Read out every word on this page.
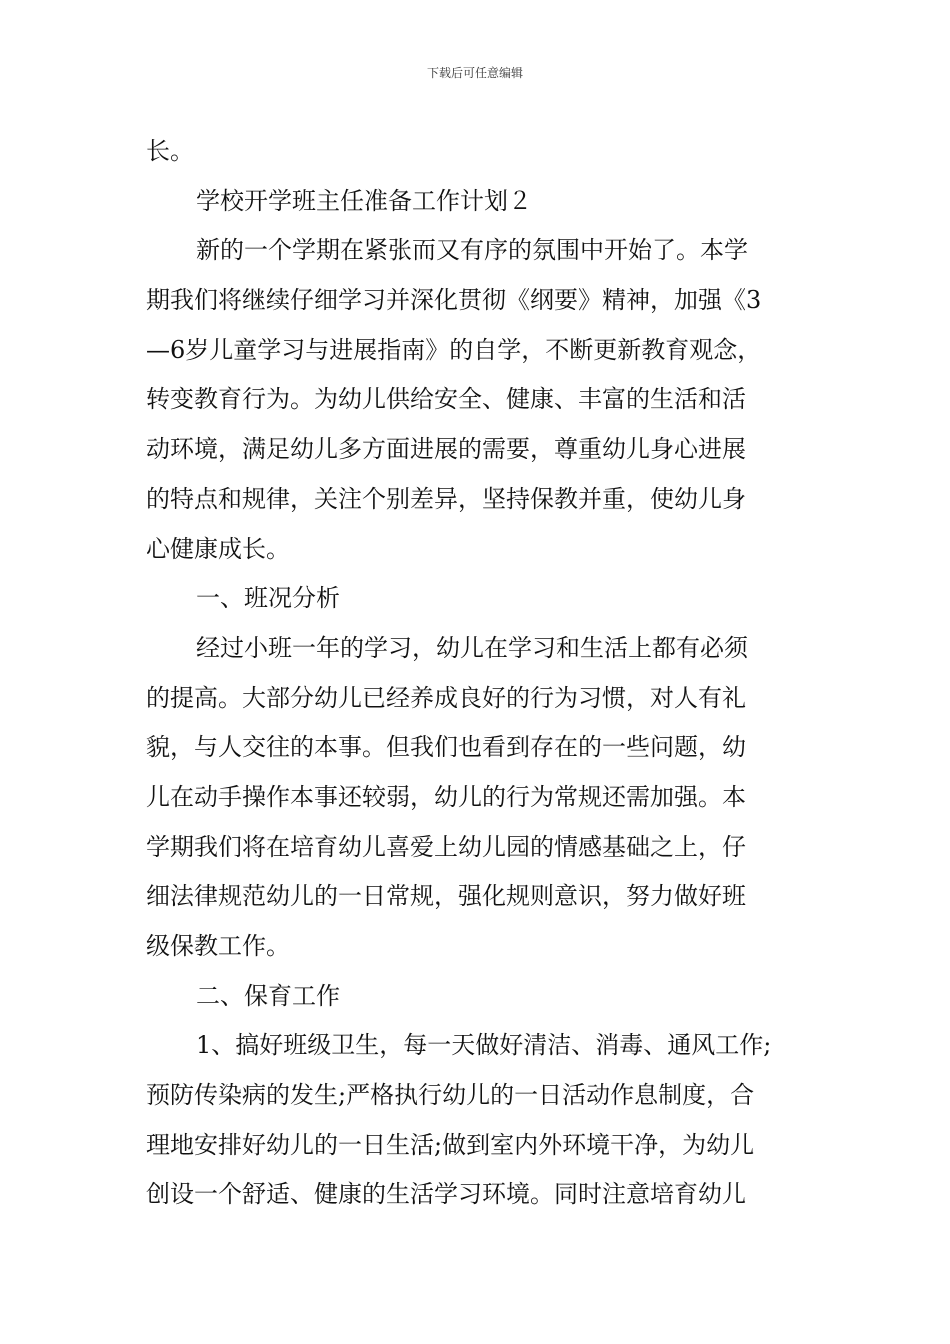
下载后可任意编辑
长。
学校开学班主任准备工作计划２
新的一个学期在紧张而又有序的氛围中开始了。本学
期我们将继续仔细学习并深化贯彻《纲要》精神，加强《3
—6岁儿童学习与进展指南》的自学，不断更新教育观念，
转变教育行为。为幼儿供给安全、健康、丰富的生活和活
动环境，满足幼儿多方面进展的需要，尊重幼儿身心进展
的特点和规律，关注个别差异，坚持保教并重，使幼儿身
心健康成长。
一、班况分析
经过小班一年的学习，幼儿在学习和生活上都有必须
的提高。大部分幼儿已经养成良好的行为习惯，对人有礼
貌，与人交往的本事。但我们也看到存在的一些问题，幼
儿在动手操作本事还较弱，幼儿的行为常规还需加强。本
学期我们将在培育幼儿喜爱上幼儿园的情感基础之上，仔
细法律规范幼儿的一日常规，强化规则意识，努力做好班
级保教工作。
二、保育工作
1、搞好班级卫生，每一天做好清洁、消毒、通风工作;
预防传染病的发生;严格执行幼儿的一日活动作息制度，合
理地安排好幼儿的一日生活;做到室内外环境干净，为幼儿
创设一个舒适、健康的生活学习环境。同时注意培育幼儿
